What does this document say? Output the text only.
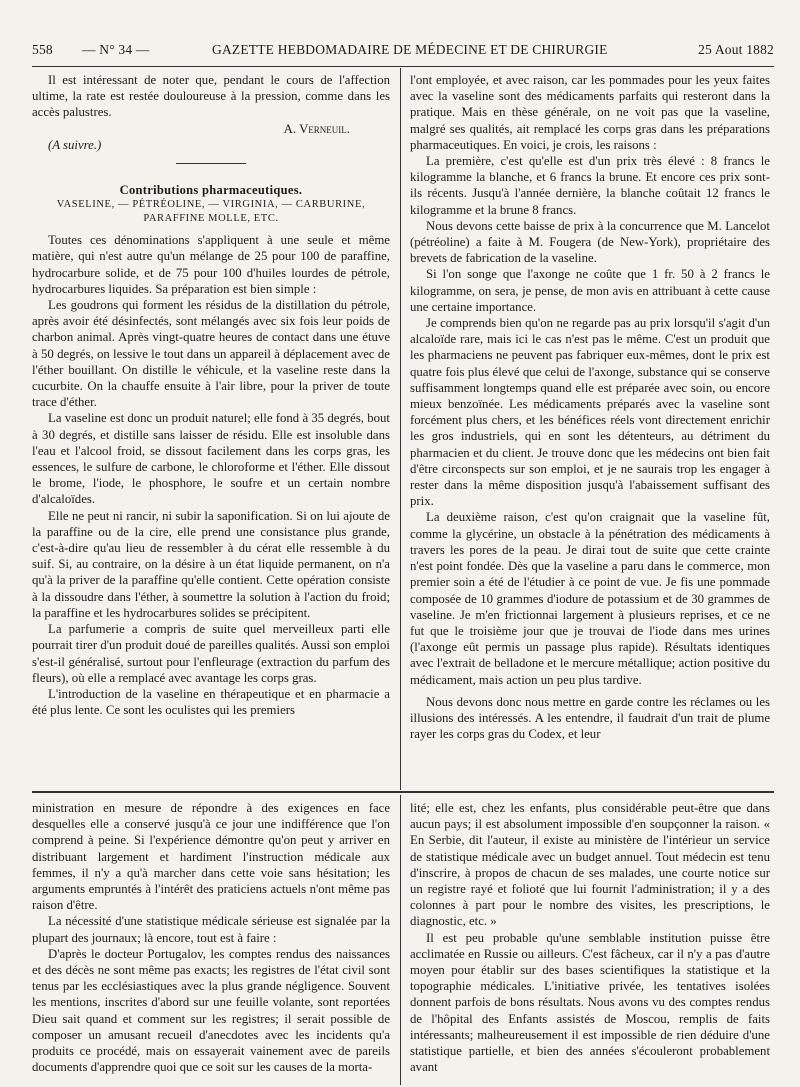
558 — N° 34 —	GAZETTE HEBDOMADAIRE DE MÉDECINE ET DE CHIRURGIE	25 Aout 1882

Il est intéressant de noter que, pendant le cours de l'affection ultime, la rate est restée douloureuse à la pression, comme dans les accès palustres.

A. Verneuil.

(A suivre.)

Contributions pharmaceutiques.

VASELINE, — PÉTRÉOLINE, — VIRGINIA, — CARBURINE, PARAFFINE MOLLE, ETC.

Toutes ces dénominations s'appliquent à une seule et même matière, qui n'est autre qu'un mélange de 25 pour 100 de paraffine, hydrocarbure solide, et de 75 pour 100 d'huiles lourdes de pétrole, hydrocarbures liquides. Sa préparation est bien simple :

Les goudrons qui forment les résidus de la distillation du pétrole, après avoir été désinfectés, sont mélangés avec six fois leur poids de charbon animal. Après vingt-quatre heures de contact dans une étuve à 50 degrés, on lessive le tout dans un appareil à déplacement avec de l'éther bouillant. On distille le véhicule, et la vaseline reste dans la cucurbite. On la chauffe ensuite à l'air libre, pour la priver de toute trace d'éther.

La vaseline est donc un produit naturel; elle fond à 35 degrés, bout à 30 degrés, et distille sans laisser de résidu. Elle est insoluble dans l'eau et l'alcool froid, se dissout facilement dans les corps gras, les essences, le sulfure de carbone, le chloroforme et l'éther. Elle dissout le brome, l'iode, le phosphore, le soufre et un certain nombre d'alcaloïdes.

Elle ne peut ni rancir, ni subir la saponification. Si on lui ajoute de la paraffine ou de la cire, elle prend une consistance plus grande, c'est-à-dire qu'au lieu de ressembler à du cérat elle ressemble à du suif. Si, au contraire, on la désire à un état liquide permanent, on n'a qu'à la priver de la paraffine qu'elle contient. Cette opération consiste à la dissoudre dans l'éther, à soumettre la solution à l'action du froid; la paraffine et les hydrocarbures solides se précipitent.

La parfumerie a compris de suite quel merveilleux parti elle pourrait tirer d'un produit doué de pareilles qualités. Aussi son emploi s'est-il généralisé, surtout pour l'enfleurage (extraction du parfum des fleurs), où elle a remplacé avec avantage les corps gras.

L'introduction de la vaseline en thérapeutique et en pharmacie a été plus lente. Ce sont les oculistes qui les premiers

l'ont employée, et avec raison, car les pommades pour les yeux faites avec la vaseline sont des médicaments parfaits qui resteront dans la pratique. Mais en thèse générale, on ne voit pas que la vaseline, malgré ses qualités, ait remplacé les corps gras dans les préparations pharmaceutiques. En voici, je crois, les raisons :

La première, c'est qu'elle est d'un prix très élevé : 8 francs le kilogramme la blanche, et 6 francs la brune. Et encore ces prix sont-ils récents. Jusqu'à l'année dernière, la blanche coûtait 12 francs le kilogramme et la brune 8 francs.

Nous devons cette baisse de prix à la concurrence que M. Lancelot (pétréoline) a faite à M. Fougera (de New-York), propriétaire des brevets de fabrication de la vaseline.

Si l'on songe que l'axonge ne coûte que 1 fr. 50 à 2 francs le kilogramme, on sera, je pense, de mon avis en attribuant à cette cause une certaine importance.

Je comprends bien qu'on ne regarde pas au prix lorsqu'il s'agit d'un alcaloïde rare, mais ici le cas n'est pas le même. C'est un produit que les pharmaciens ne peuvent pas fabriquer eux-mêmes, dont le prix est quatre fois plus élevé que celui de l'axonge, substance qui se conserve suffisamment longtemps quand elle est préparée avec soin, ou encore mieux benzoïnée. Les médicaments préparés avec la vaseline sont forcément plus chers, et les bénéfices réels vont directement enrichir les gros industriels, qui en sont les détenteurs, au détriment du pharmacien et du client. Je trouve donc que les médecins ont bien fait d'être circonspects sur son emploi, et je ne saurais trop les engager à rester dans la même disposition jusqu'à l'abaissement suffisant des prix.

La deuxième raison, c'est qu'on craignait que la vaseline fût, comme la glycérine, un obstacle à la pénétration des médicaments à travers les pores de la peau. Je dirai tout de suite que cette crainte n'est point fondée. Dès que la vaseline a paru dans le commerce, mon premier soin a été de l'étudier à ce point de vue. Je fis une pommade composée de 10 grammes d'iodure de potassium et de 30 grammes de vaseline. Je m'en frictionnai largement à plusieurs reprises, et ce ne fut que le troisième jour que je trouvai de l'iode dans mes urines (l'axonge eût permis un passage plus rapide). Résultats identiques avec l'extrait de belladone et le mercure métallique; action positive du médicament, mais action un peu plus tardive.

Nous devons donc nous mettre en garde contre les réclames ou les illusions des intéressés. A les entendre, il faudrait d'un trait de plume rayer les corps gras du Codex, et leur

ministration en mesure de répondre à des exigences en face desquelles elle a conservé jusqu'à ce jour une indifférence que l'on comprend à peine. Si l'expérience démontre qu'on peut y arriver en distribuant largement et hardiment l'instruction médicale aux femmes, il n'y a qu'à marcher dans cette voie sans hésitation; les arguments empruntés à l'intérêt des praticiens actuels n'ont même pas raison d'être.

La nécessité d'une statistique médicale sérieuse est signalée par la plupart des journaux; là encore, tout est à faire :

D'après le docteur Portugalov, les comptes rendus des naissances et des décès ne sont même pas exacts; les registres de l'état civil sont tenus par les ecclésiastiques avec la plus grande négligence. Souvent les mentions, inscrites d'abord sur une feuille volante, sont reportées Dieu sait quand et comment sur les registres; il serait possible de composer un amusant recueil d'anecdotes avec les incidents qu'a produits ce procédé, mais on essayerait vainement avec de pareils documents d'apprendre quoi que ce soit sur les causes de la morta-

lité; elle est, chez les enfants, plus considérable peut-être que dans aucun pays; il est absolument impossible d'en soupçonner la raison. « En Serbie, dit l'auteur, il existe au ministère de l'intérieur un service de statistique médicale avec un budget annuel. Tout médecin est tenu d'inscrire, à propos de chacun de ses malades, une courte notice sur un registre rayé et folioté que lui fournit l'administration; il y a des colonnes à part pour le nombre des visites, les prescriptions, le diagnostic, etc. »

Il est peu probable qu'une semblable institution puisse être acclimatée en Russie ou ailleurs. C'est fâcheux, car il n'y a pas d'autre moyen pour établir sur des bases scientifiques la statistique et la topographie médicales. L'initiative privée, les tentatives isolées donnent parfois de bons résultats. Nous avons vu des comptes rendus de l'hôpital des Enfants assistés de Moscou, remplis de faits intéressants; malheureusement il est impossible de rien déduire d'une statistique partielle, et bien des années s'écouleront probablement avant
